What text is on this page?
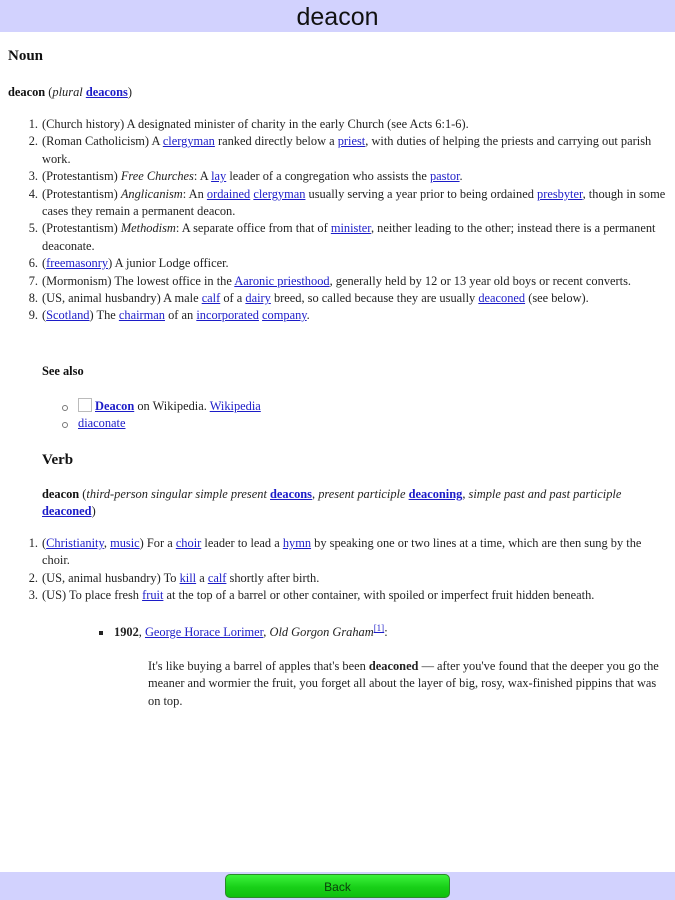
deacon
Noun
deacon (plural deacons)
1. (Church history) A designated minister of charity in the early Church (see Acts 6:1-6).
2. (Roman Catholicism) A clergyman ranked directly below a priest, with duties of helping the priests and carrying out parish work.
3. (Protestantism) Free Churches: A lay leader of a congregation who assists the pastor.
4. (Protestantism) Anglicanism: An ordained clergyman usually serving a year prior to being ordained presbyter, though in some cases they remain a permanent deacon.
5. (Protestantism) Methodism: A separate office from that of minister, neither leading to the other; instead there is a permanent deaconate.
6. (freemasonry) A junior Lodge officer.
7. (Mormonism) The lowest office in the Aaronic priesthood, generally held by 12 or 13 year old boys or recent converts.
8. (US, animal husbandry) A male calf of a dairy breed, so called because they are usually deaconed (see below).
9. (Scotland) The chairman of an incorporated company.
See also
Deacon on Wikipedia. Wikipedia
diaconate
Verb
deacon (third-person singular simple present deacons, present participle deaconing, simple past and past participle deaconed)
1. (Christianity, music) For a choir leader to lead a hymn by speaking one or two lines at a time, which are then sung by the choir.
2. (US, animal husbandry) To kill a calf shortly after birth.
3. (US) To place fresh fruit at the top of a barrel or other container, with spoiled or imperfect fruit hidden beneath.
1902, George Horace Lorimer, Old Gorgon Graham[1]:
It's like buying a barrel of apples that's been deaconed — after you've found that the deeper you go the meaner and wormier the fruit, you forget all about the layer of big, rosy, wax-finished pippins that was on top.
Back
